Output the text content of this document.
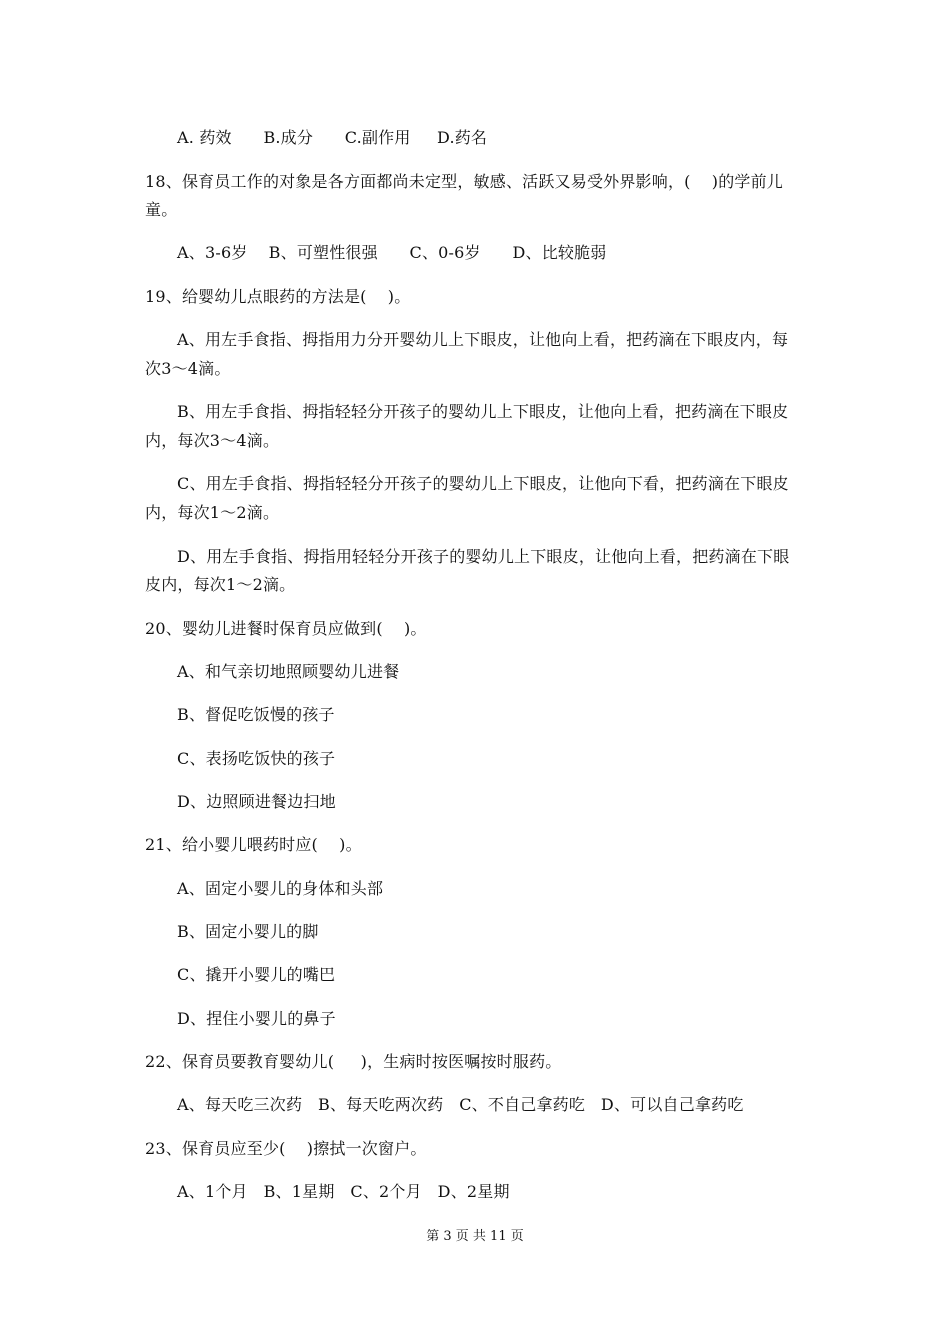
A. 药效      B.成分      C.副作用     D.药名
18、保育员工作的对象是各方面都尚未定型，敏感、活跃又易受外界影响，(    )的学前儿
童。
A、3-6岁    B、可塑性很强      C、0-6岁      D、比较脆弱
19、给婴幼儿点眼药的方法是(    )。
A、用左手食指、拇指用力分开婴幼儿上下眼皮，让他向上看，把药滴在下眼皮内，每
次3～4滴。
B、用左手食指、拇指轻轻分开孩子的婴幼儿上下眼皮，让他向上看，把药滴在下眼皮
内，每次3～4滴。
C、用左手食指、拇指轻轻分开孩子的婴幼儿上下眼皮，让他向下看，把药滴在下眼皮
内，每次1～2滴。
D、用左手食指、拇指用轻轻分开孩子的婴幼儿上下眼皮，让他向上看，把药滴在下眼
皮内，每次1～2滴。
20、婴幼儿进餐时保育员应做到(    )。
A、和气亲切地照顾婴幼儿进餐
B、督促吃饭慢的孩子
C、表扬吃饭快的孩子
D、边照顾进餐边扫地
21、给小婴儿喂药时应(    )。
A、固定小婴儿的身体和头部
B、固定小婴儿的脚
C、撬开小婴儿的嘴巴
D、捏住小婴儿的鼻子
22、保育员要教育婴幼儿(     )，生病时按医嘱按时服药。
A、每天吃三次药   B、每天吃两次药   C、不自己拿药吃   D、可以自己拿药吃
23、保育员应至少(    )擦拭一次窗户。
A、1个月   B、1星期   C、2个月   D、2星期
第 3 页 共 11 页
